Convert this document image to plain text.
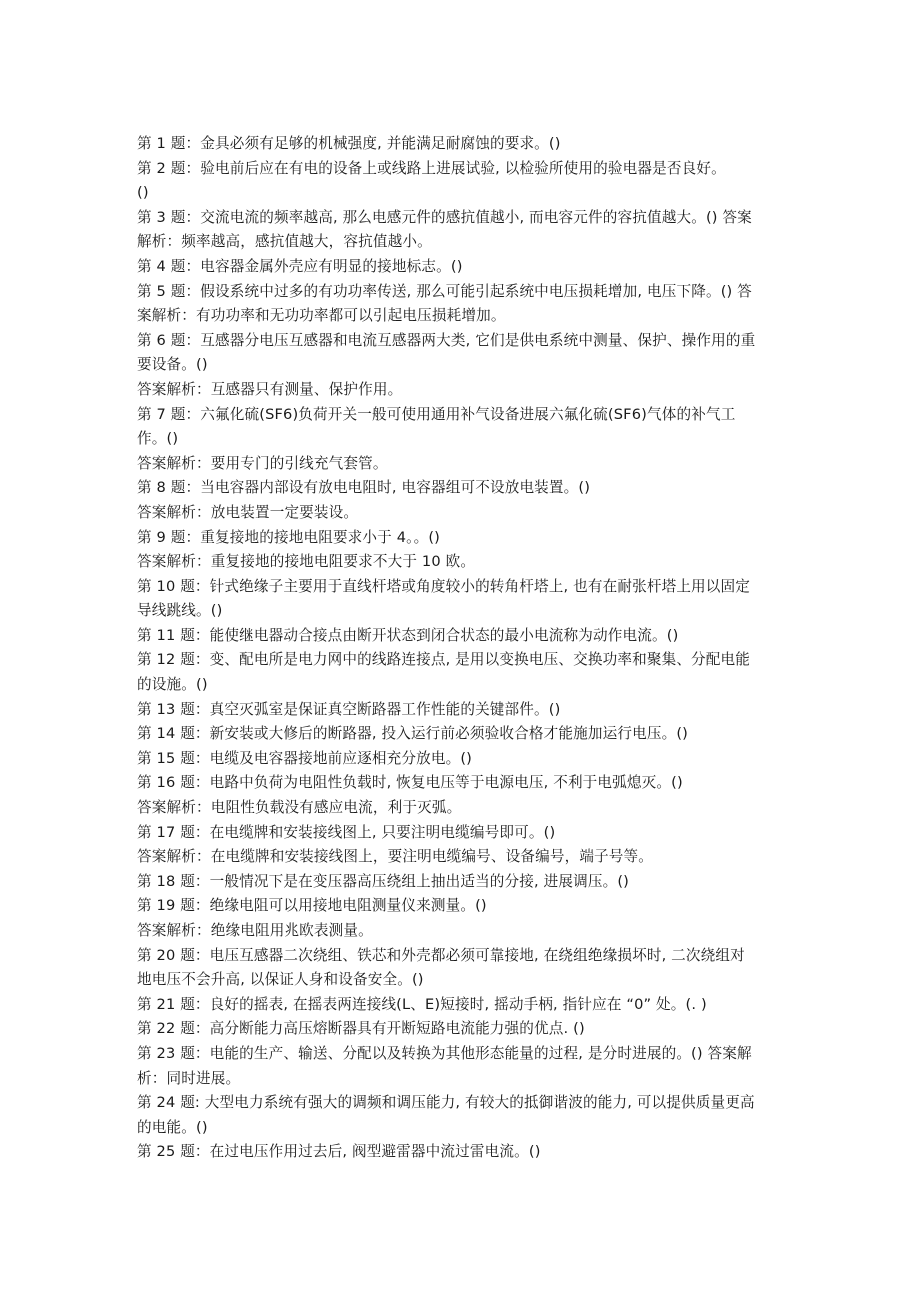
第 1 题：金具必须有足够的机械强度, 并能满足耐腐蚀的要求。()
第 2 题：验电前后应在有电的设备上或线路上进展试验, 以检验所使用的验电器是否良好。
()
第 3 题：交流电流的频率越高, 那么电感元件的感抗值越小, 而电容元件的容抗值越大。() 答案
解析：频率越高，感抗值越大，容抗值越小。
第 4 题：电容器金属外壳应有明显的接地标志。()
第 5 题：假设系统中过多的有功功率传送, 那么可能引起系统中电压损耗增加, 电压下降。() 答
案解析：有功功率和无功功率都可以引起电压损耗增加。
第 6 题：互感器分电压互感器和电流互感器两大类, 它们是供电系统中测量、保护、操作用的重
要设备。()
答案解析：互感器只有测量、保护作用。
第 7 题：六氟化硫(SF6)负荷开关一般可使用通用补气设备进展六氟化硫(SF6)气体的补气工
作。()
答案解析：要用专门的引线充气套管。
第 8 题：当电容器内部设有放电电阻时, 电容器组可不设放电装置。()
答案解析：放电装置一定要装设。
第 9 题：重复接地的接地电阻要求小于 4。。()
答案解析：重复接地的接地电阻要求不大于 10 欧。
第 10 题：针式绝缘子主要用于直线杆塔或角度较小的转角杆塔上, 也有在耐张杆塔上用以固定
导线跳线。()
第 11 题：能使继电器动合接点由断开状态到闭合状态的最小电流称为动作电流。()
第 12 题：变、配电所是电力网中的线路连接点, 是用以变换电压、交换功率和聚集、分配电能
的设施。()
第 13 题：真空灭弧室是保证真空断路器工作性能的关键部件。()
第 14 题：新安装或大修后的断路器, 投入运行前必须验收合格才能施加运行电压。()
第 15 题：电缆及电容器接地前应逐相充分放电。()
第 16 题：电路中负荷为电阻性负载时, 恢复电压等于电源电压, 不利于电弧熄灭。()
答案解析：电阻性负载没有感应电流，利于灭弧。
第 17 题：在电缆牌和安装接线图上, 只要注明电缆编号即可。()
答案解析：在电缆牌和安装接线图上，要注明电缆编号、设备编号，端子号等。
第 18 题：一般情况下是在变压器高压绕组上抽出适当的分接, 进展调压。()
第 19 题：绝缘电阻可以用接地电阻测量仪来测量。()
答案解析：绝缘电阻用兆欧表测量。
第 20 题：电压互感器二次绕组、铁芯和外壳都必须可靠接地, 在绕组绝缘损坏时, 二次绕组对
地电压不会升高, 以保证人身和设备安全。()
第 21 题：良好的摇表, 在摇表两连接线(L、E)短接时, 摇动手柄, 指针应在 “0” 处。(. )
第 22 题：高分断能力高压熔断器具有开断短路电流能力强的优点. ()
第 23 题：电能的生产、输送、分配以及转换为其他形态能量的过程, 是分时进展的。() 答案解
析：同时进展。
第 24 题: 大型电力系统有强大的调频和调压能力, 有较大的抵御谐波的能力, 可以提供质量更高
的电能。()
第 25 题：在过电压作用过去后, 阀型避雷器中流过雷电流。()
